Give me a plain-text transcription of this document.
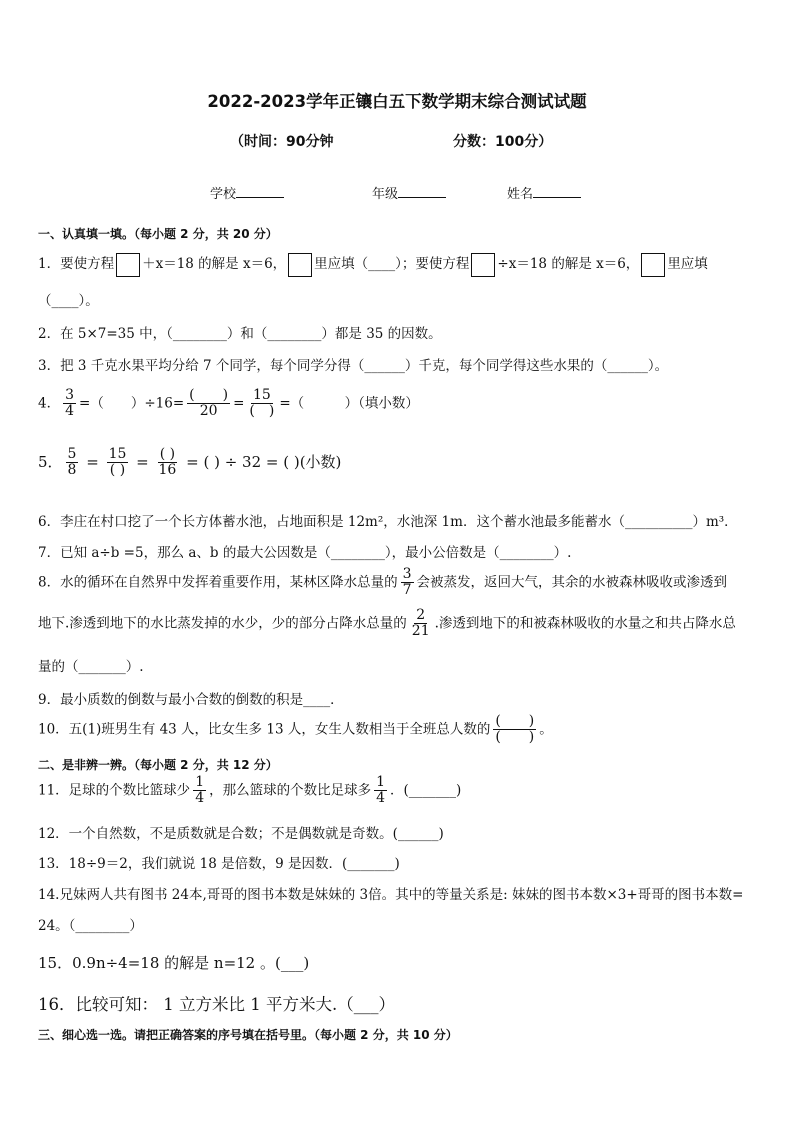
2022-2023学年正镶白五下数学期末综合测试试题
（时间：90分钟	分数：100分）
学校	年级	姓名
一、认真填一填。（每小题 2 分，共 20 分）
1．要使方程 ＋x＝18 的解是 x＝6， 里应填（____）；要使方程 ÷x＝18 的解是 x＝6， 里应填
（____）。
2．在 5×7=35 中，（________）和（________）都是 35 的因数。
3．把 3 千克水果平均分给 7 个同学，每个同学分得（______）千克，每个同学得这些水果的（______）。
4． $\frac{3}{4}$ =（　　）$\div 16= \frac{( )}{20} = \frac{15}{( )}$ =（　　　）（填小数）
5． $\frac{5}{8} = \frac{15}{( )} = \frac{( )}{16}$ = ( ) ÷ 32 = ( )(小数)
6．李庄在村口挖了一个长方体蓄水池，占地面积是 12m²，水池深 1m．这个蓄水池最多能蓄水（__________）m³．
7．已知 a÷b =5，那么 a、b 的最大公因数是（________），最小公倍数是（________）.
8．水的循环在自然界中发挥着重要作用，某林区降水总量的 $\frac{3}{7}$ 会被蒸发，返回大气，其余的水被森林吸收或渗透到
地下.渗透到地下的水比蒸发掉的水少，少的部分占降水总量的 $\frac{2}{21}$ .渗透到地下的和被森林吸收的水量之和共占降水总
量的（_______）.
9．最小质数的倒数与最小合数的倒数的积是____．
10．五(1)班男生有 43 人，比女生多 13 人，女生人数相当于全班总人数的 $\frac{( )}{( )}$ 。
二、是非辨一辨。（每小题 2 分，共 12 分）
11．足球的个数比篮球少 $\frac{1}{4}$ ，那么篮球的个数比足球多 $\frac{1}{4}$ ．(_______)
12．一个自然数，不是质数就是合数；不是偶数就是奇数。(______)
13．18÷9＝2，我们就说 18 是倍数，9 是因数．(_______)
14.兄妹两人共有图书 24本,哥哥的图书本数是妹妹的 3倍。其中的等量关系是: 妹妹的图书本数×3+哥哥的图书本数=
24。（________）
15．0.9n÷4=18 的解是 n=12 。(___)
16．比较可知： 1 立方米比 1 平方米大.（___）
三、细心选一选。请把正确答案的序号填在括号里。（每小题 2 分，共 10 分）
